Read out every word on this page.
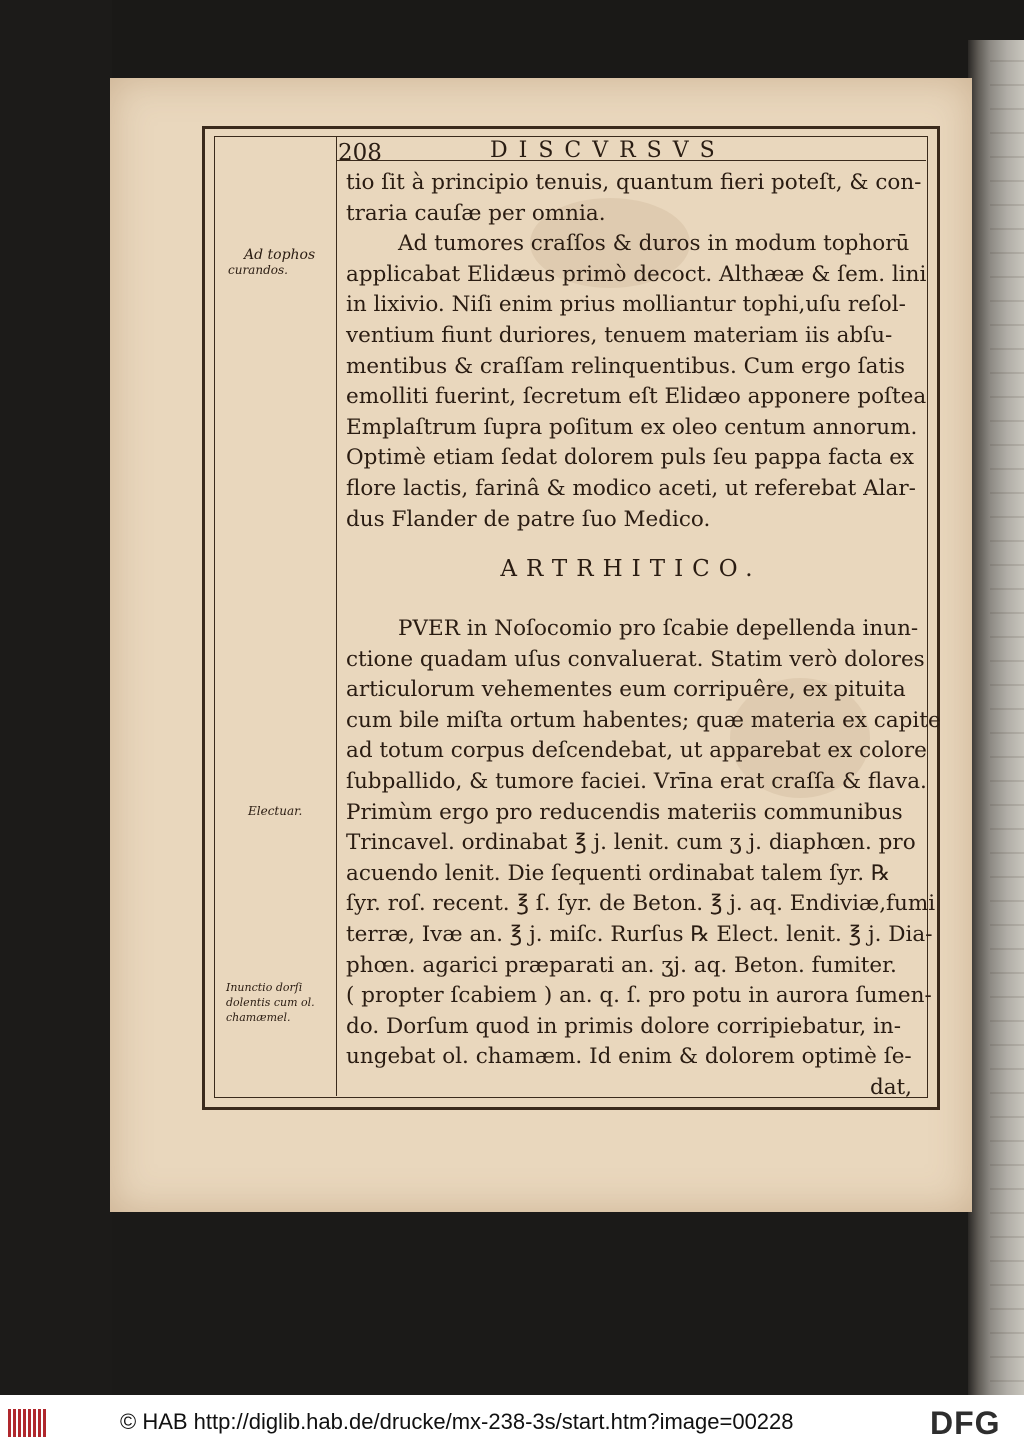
208	DISCVRSVS
tio ſit à principio tenuis, quantum fieri poteſt, & con-
traria cauſæ per omnia.
Ad tumores craſſos & duros in modum tophorū
applicabat Elidæus primò decoct. Althææ & ſem. lini
in lixivio. Niſi enim prius molliantur tophi,uſu reſol-
ventium fiunt duriores, tenuem materiam iis abſu-
mentibus & craſſam relinquentibus. Cum ergo ſatis
emolliti fuerint, ſecretum eſt Elidæo apponere poſtea
Emplaſtrum ſupra poſitum ex oleo centum annorum.
Optimè etiam ſedat dolorem puls ſeu pappa facta ex
flore lactis, farinâ & modico aceti, ut referebat Alar-
dus Flander de patre ſuo Medico.
ARTRHITICO.
PVER in Noſocomio pro ſcabie depellenda inun-
ctione quadam uſus convaluerat. Statim verò dolores
articulorum vehementes eum corripuêre, ex pituita
cum bile miſta ortum habentes; quæ materia ex capite
ad totum corpus deſcendebat, ut apparebat ex colore
ſubpallido, & tumore faciei. Vrīna erat craſſa & flava.
Primùm ergo pro reducendis materiis communibus
Trincavel. ordinabat ℥ j. lenit. cum ʒ j. diaphœn. pro
acuendo lenit. Die ſequenti ordinabat talem ſyr. ℞
ſyr. roſ. recent. ℥ ſ. ſyr. de Beton. ℥ j. aq. Endiviæ,fumi
terræ, Ivæ an. ℥ j. miſc. Rurſus ℞ Elect. lenit. ℥ j. Dia-
phœn. agarici præparati an. ʒj. aq. Beton. fumiter.
( propter ſcabiem ) an. q. ſ. pro potu in aurora ſumen-
do. Dorſum quod in primis dolore corripiebatur, in-
ungebat ol. chamæm. Id enim & dolorem optimè ſe-
dat,
Ad tophos
curandos.
Electuar.
Inunctio dorſi
dolentis cum ol.
chamæmel.
© HAB http://diglib.hab.de/drucke/mx-238-3s/start.htm?image=00228	DFG
